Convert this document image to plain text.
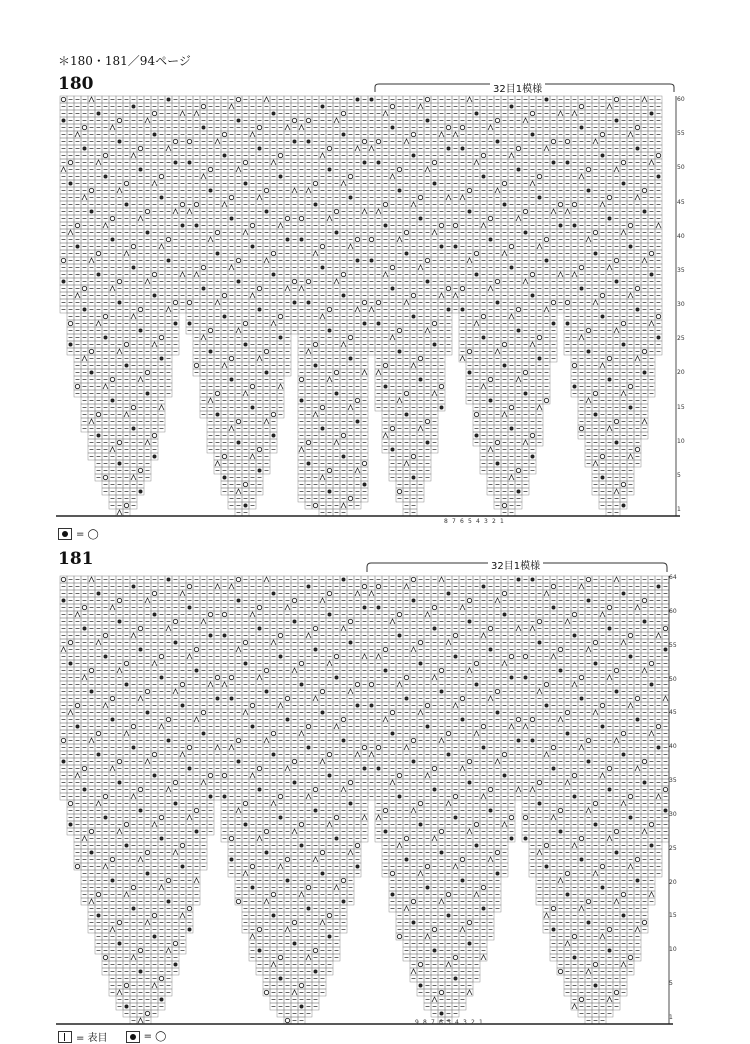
＊180・181／94ページ
180	32目1模様
60
55
50
45
40
35
30
25
20
15
10
5
1
= ◯
181	32目1模様
64
60
55
50
45
40
35
30
25
20
15
10
5
1
= 表目	= ◯
8 7 6 5 4 3 2 1
9 8 7 6 5 4 3 2 1
